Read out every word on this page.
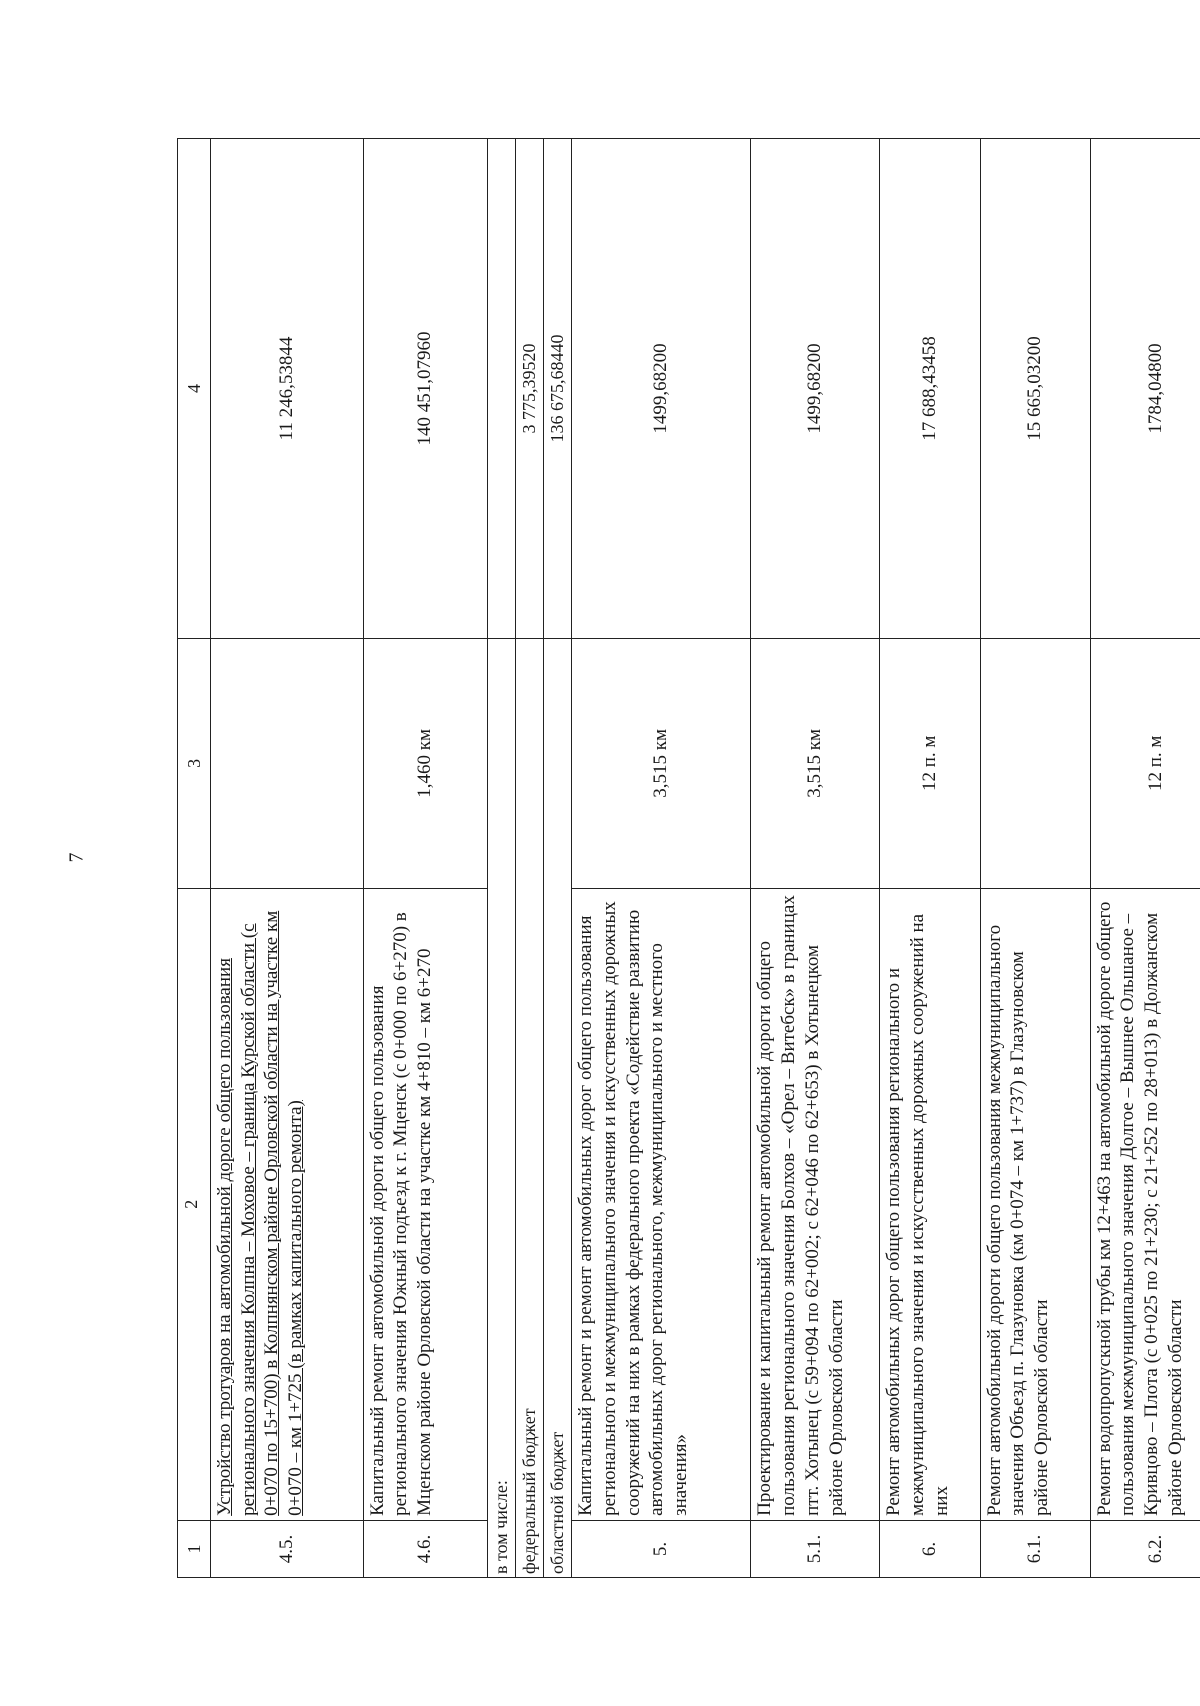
7
1	2	3	4
4.5.	Устройство тротуаров на автомобильной дороге общего пользования регионального значения Колпна – Моховое – граница Курской области (с 0+070 по 15+700) в Колпнянском районе Орловской области на участке км 0+070 – км 1+725 (в рамках капитального ремонта)		11 246,53844
4.6.	Капитальный ремонт автомобильной дороги общего пользования регионального значения Южный подъезд к г. Мценск (с 0+000 по 6+270) в Мценском районе Орловской области на участке км 4+810 – км 6+270	1,460 км	140 451,07960
в том числе:			
федеральный бюджет			3 775,39520
областной бюджет			136 675,68440
5.	Капитальный ремонт и ремонт автомобильных дорог общего пользования регионального и межмуниципального значения и искусственных дорожных сооружений на них в рамках федерального проекта «Содействие развитию автомобильных дорог регионального, межмуниципального и местного значения»	3,515 км	1499,68200
5.1.	Проектирование и капитальный ремонт автомобильной дороги общего пользования регионального значения Болхов – «Орел – Витебск» в границах птт. Хотынец (с 59+094 по 62+002; с 62+046 по 62+653) в Хотынецком районе Орловской области	3,515 км	1499,68200
6.	Ремонт автомобильных дорог общего пользования регионального и межмуниципального значения и искусственных дорожных сооружений на них	12 п. м	17 688,43458
6.1.	Ремонт автомобильной дороги общего пользования межмуниципального значения Объезд п. Глазуновка (км 0+074 – км 1+737) в Глазуновском районе Орловской области		15 665,03200
6.2.	Ремонт водопропускной трубы км 12+463 на автомобильной дороге общего пользования межмуниципального значения Долгое – Вышнее Ольшаное – Кривцово – Плота (с 0+025 по 21+230; с 21+252 по 28+013) в Должанском районе Орловской области	12 п. м	1784,04800
